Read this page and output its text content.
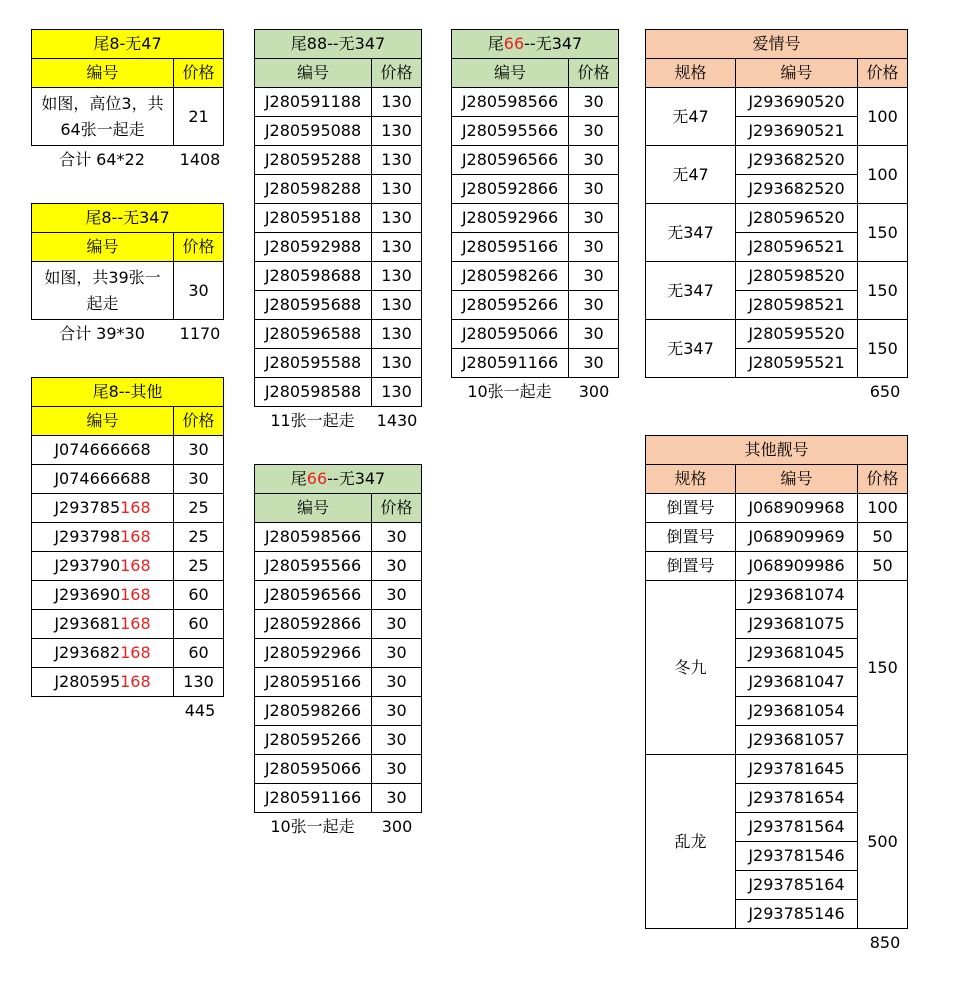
尾8-无47	
编号	价格
如图，高位3，共64张一起走	21
合计 64*22	1408
尾8--无347	
编号	价格
如图，共39张一起走	30
合计 39*30	1170
尾8--其他	
编号	价格
J074666668	30
J074666688	30
J293785168	25
J293798168	25
J293790168	25
J293690168	60
J293681168	60
J293682168	60
J280595168	130
445
尾88--无347	
编号	价格
J280591188	130
J280595088	130
J280595288	130
J280598288	130
J280595188	130
J280592988	130
J280598688	130
J280595688	130
J280596588	130
J280595588	130
J280598588	130
11张一起走	1430
尾66--无347	
编号	价格
J280598566	30
J280595566	30
J280596566	30
J280592866	30
J280592966	30
J280595166	30
J280598266	30
J280595266	30
J280595066	30
J280591166	30
10张一起走	300
尾66--无347	
编号	价格
J280598566	30
J280595566	30
J280596566	30
J280592866	30
J280592966	30
J280595166	30
J280598266	30
J280595266	30
J280595066	30
J280591166	30
10张一起走	300
爱情号		
规格	编号	价格
无47	J293690520	100
	J293690521	
无47	J293682520	100
	J293682520	
无347	J280596520	150
	J280596521	
无347	J280598520	150
	J280598521	
无347	J280595520	150
	J280595521	
650
其他靓号		
规格	编号	价格
倒置号	J068909968	100
倒置号	J068909969	50
倒置号	J068909986	50
冬九	J293681074	150
	J293681075	
	J293681045	
	J293681047	
	J293681054	
	J293681057	
乱龙	J293781645	500
	J293781654	
	J293781564	
	J293781546	
	J293785164	
	J293785146	
850
